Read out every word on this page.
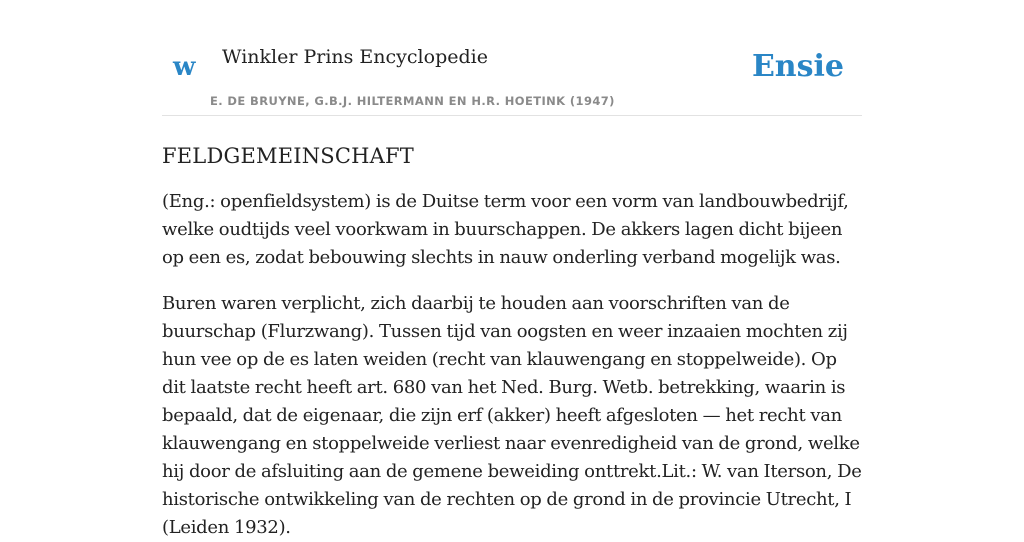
w Winkler Prins Encyclopedie
E. DE BRUYNE, G.B.J. HILTERMANN EN H.R. HOETINK (1947)
Ensie
FELDGEMEINSCHAFT

(Eng.: openfieldsystem) is de Duitse term voor een vorm van landbouwbedrijf, welke oudtijds veel voorkwam in buurschappen. De akkers lagen dicht bijeen op een es, zodat bebouwing slechts in nauw onderling verband mogelijk was.

Buren waren verplicht, zich daarbij te houden aan voorschriften van de buurschap (Flurzwang). Tussen tijd van oogsten en weer inzaaien mochten zij hun vee op de es laten weiden (recht van klauwengang en stoppelweide). Op dit laatste recht heeft art. 680 van het Ned. Burg. Wetb. betrekking, waarin is bepaald, dat de eigenaar, die zijn erf (akker) heeft afgesloten — het recht van klauwengang en stoppelweide verliest naar evenredigheid van de grond, welke hij door de afsluiting aan de gemene beweiding onttrekt.Lit.: W. van Iterson, De historische ontwikkeling van de rechten op de grond in de provincie Utrecht, I (Leiden 1932).
